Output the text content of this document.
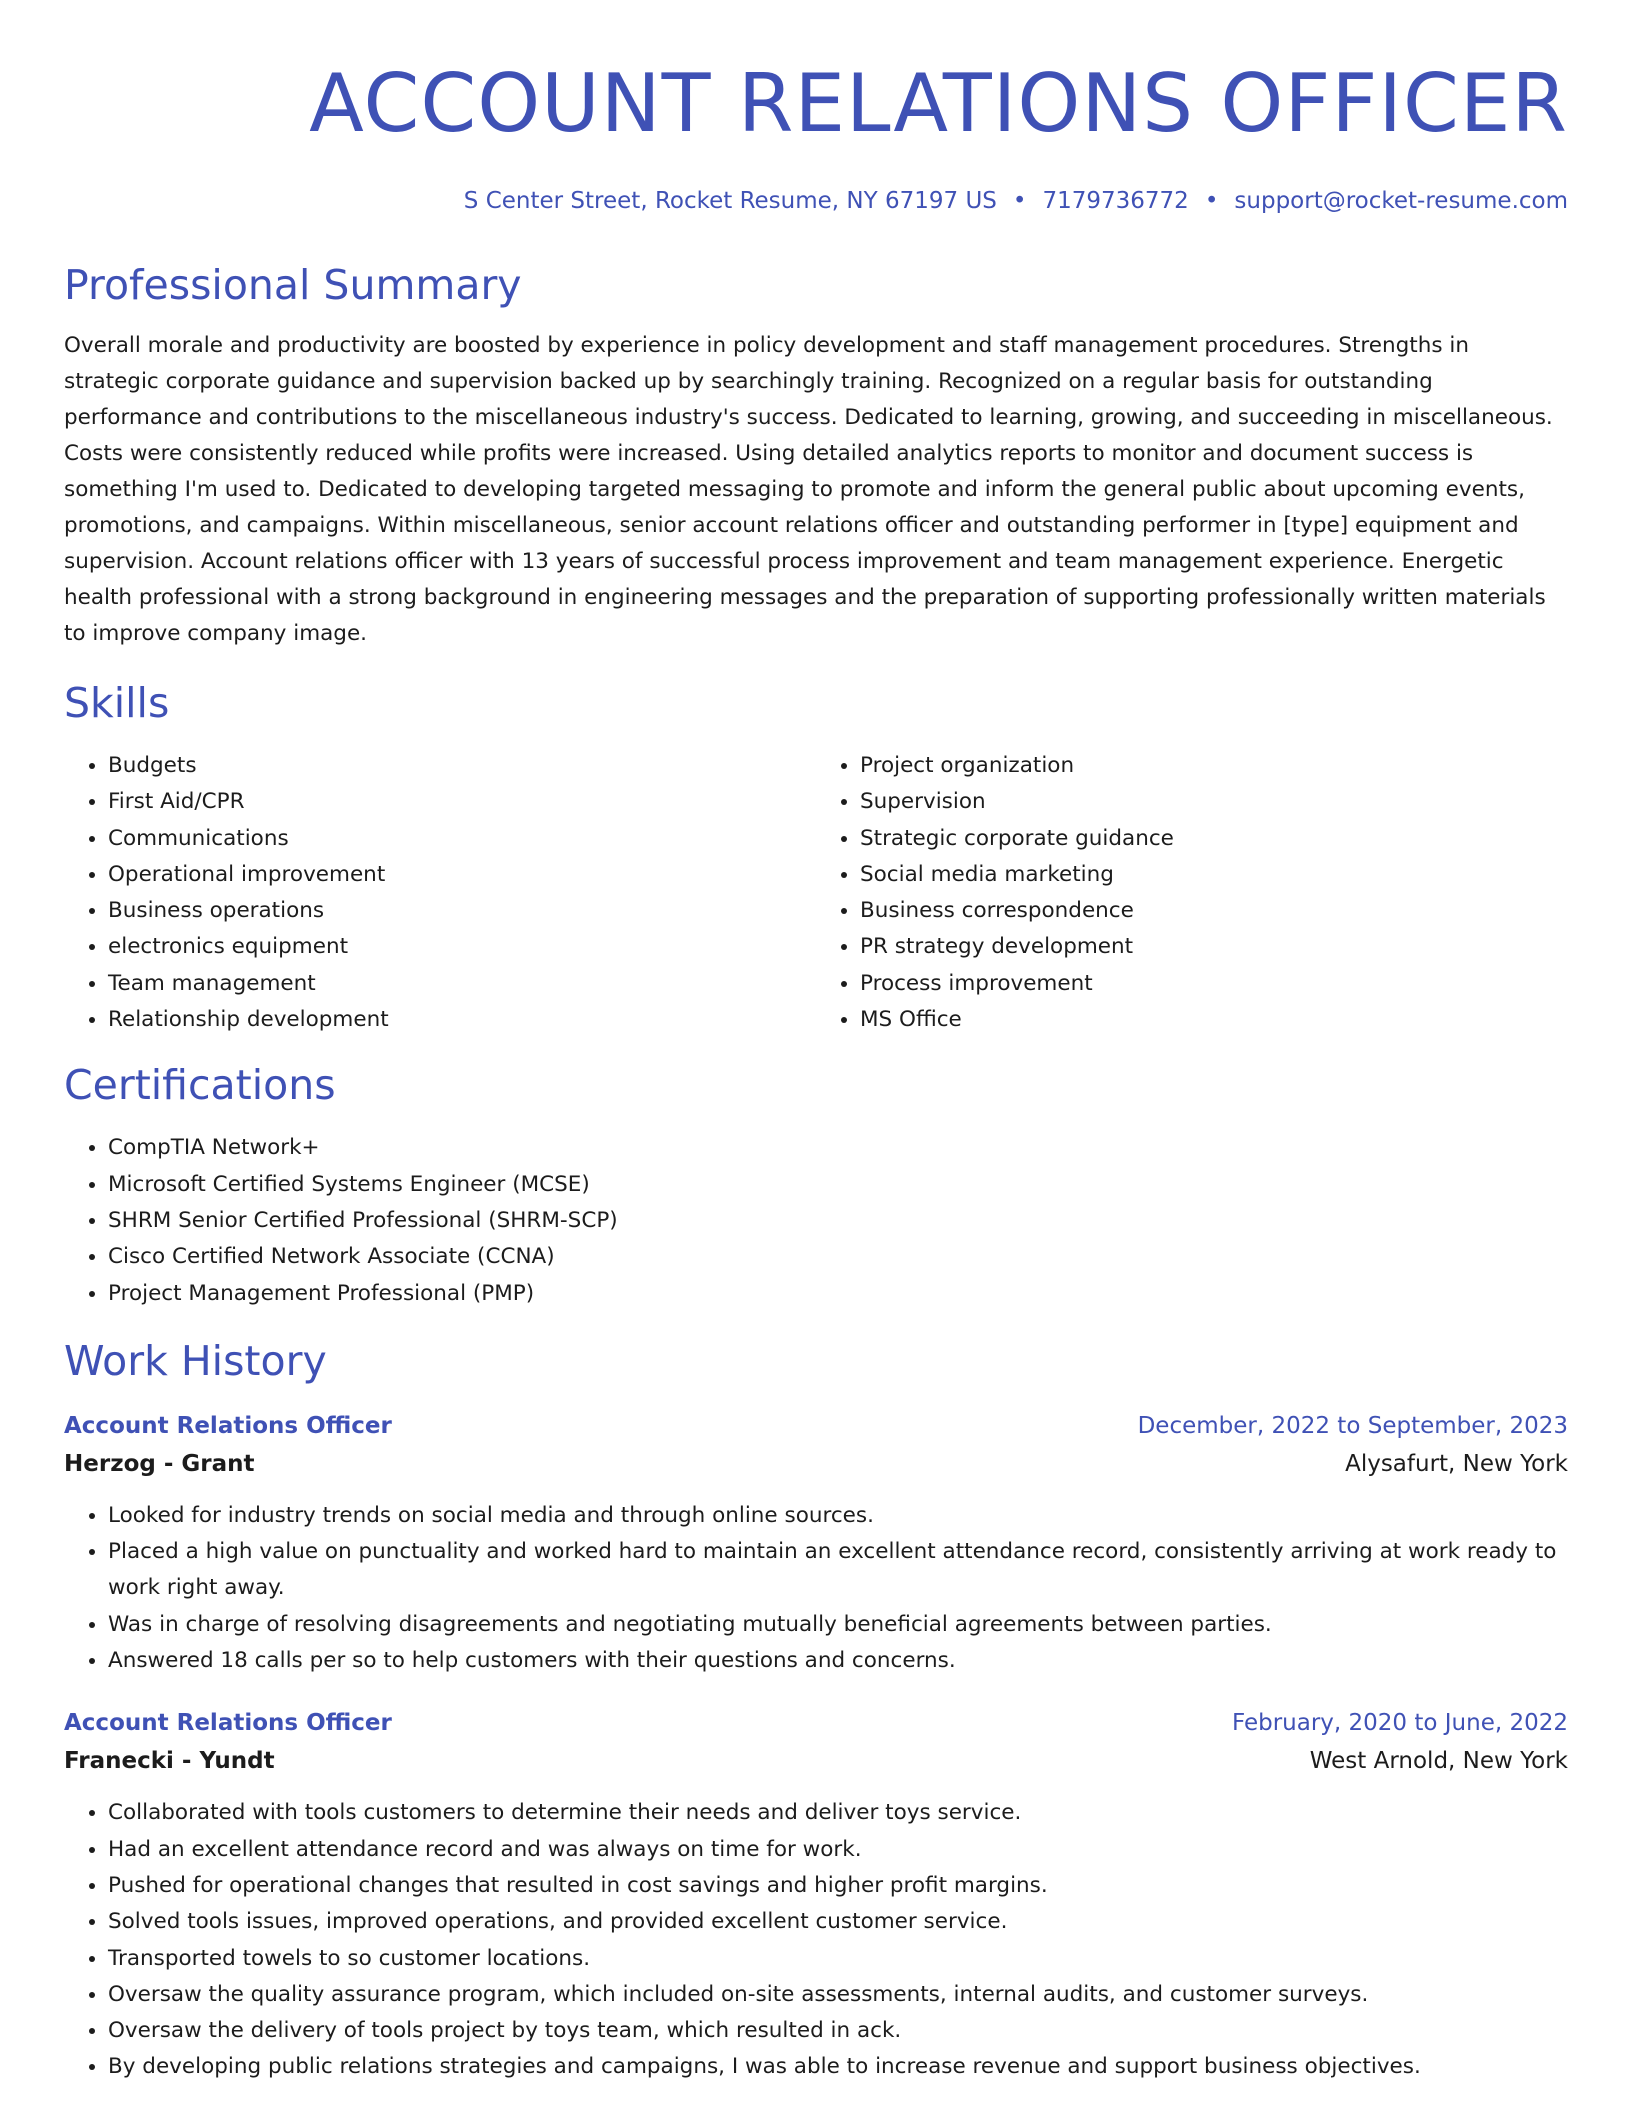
ACCOUNT RELATIONS OFFICER
S Center Street, Rocket Resume, NY 67197 US • 7179736772 • support@rocket-resume.com
Professional Summary
Overall morale and productivity are boosted by experience in policy development and staff management procedures. Strengths in strategic corporate guidance and supervision backed up by searchingly training. Recognized on a regular basis for outstanding performance and contributions to the miscellaneous industry's success. Dedicated to learning, growing, and succeeding in miscellaneous. Costs were consistently reduced while profits were increased. Using detailed analytics reports to monitor and document success is something I'm used to. Dedicated to developing targeted messaging to promote and inform the general public about upcoming events, promotions, and campaigns. Within miscellaneous, senior account relations officer and outstanding performer in [type] equipment and supervision. Account relations officer with 13 years of successful process improvement and team management experience. Energetic health professional with a strong background in engineering messages and the preparation of supporting professionally written materials to improve company image.
Skills
• Budgets
• First Aid/CPR
• Communications
• Operational improvement
• Business operations
• electronics equipment
• Team management
• Relationship development
• Project organization
• Supervision
• Strategic corporate guidance
• Social media marketing
• Business correspondence
• PR strategy development
• Process improvement
• MS Office
Certifications
• CompTIA Network+
• Microsoft Certified Systems Engineer (MCSE)
• SHRM Senior Certified Professional (SHRM-SCP)
• Cisco Certified Network Associate (CCNA)
• Project Management Professional (PMP)
Work History
Account Relations Officer	December, 2022 to September, 2023
Herzog - Grant	Alysafurt, New York
• Looked for industry trends on social media and through online sources.
• Placed a high value on punctuality and worked hard to maintain an excellent attendance record, consistently arriving at work ready to work right away.
• Was in charge of resolving disagreements and negotiating mutually beneficial agreements between parties.
• Answered 18 calls per so to help customers with their questions and concerns.
Account Relations Officer	February, 2020 to June, 2022
Franecki - Yundt	West Arnold, New York
• Collaborated with tools customers to determine their needs and deliver toys service.
• Had an excellent attendance record and was always on time for work.
• Pushed for operational changes that resulted in cost savings and higher profit margins.
• Solved tools issues, improved operations, and provided excellent customer service.
• Transported towels to so customer locations.
• Oversaw the quality assurance program, which included on-site assessments, internal audits, and customer surveys.
• Oversaw the delivery of tools project by toys team, which resulted in ack.
• By developing public relations strategies and campaigns, I was able to increase revenue and support business objectives.
